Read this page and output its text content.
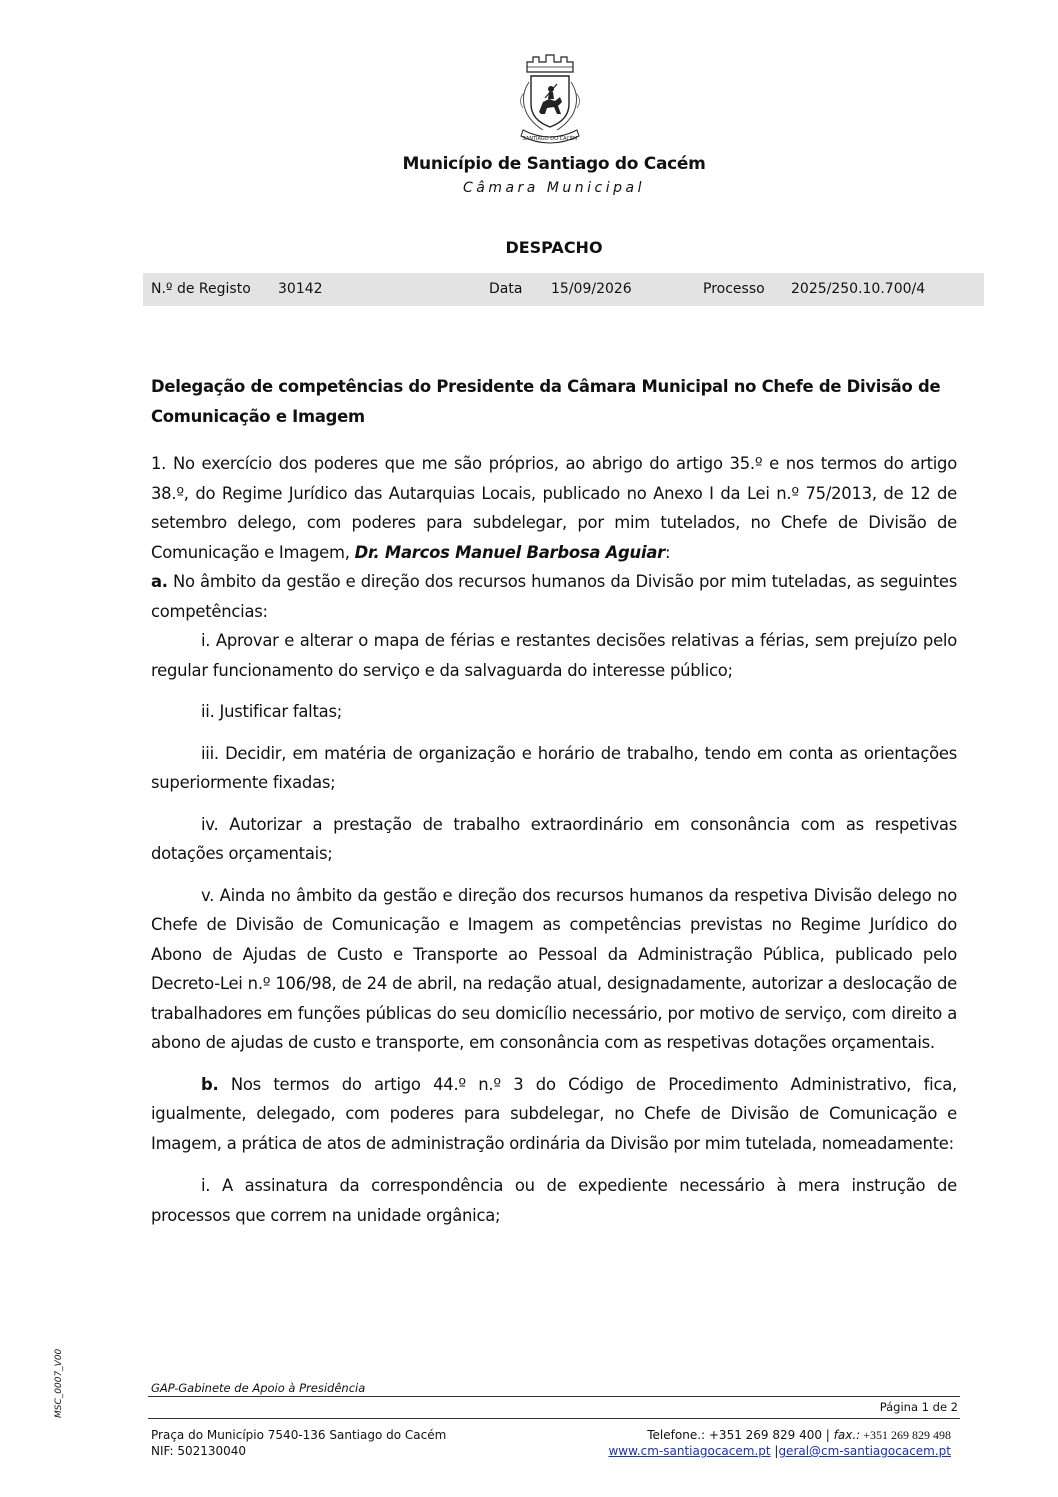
SANTIAGO DO CACÉM
Município de Santiago do Cacém
Câmara Municipal
DESPACHO
N.º de Registo 30142	Data 15/09/2026	Processo 2025/250.10.700/4

Delegação de competências do Presidente da Câmara Municipal no Chefe de Divisão de Comunicação e Imagem

1. No exercício dos poderes que me são próprios, ao abrigo do artigo 35.º e nos termos do artigo 38.º, do Regime Jurídico das Autarquias Locais, publicado no Anexo I da Lei n.º 75/2013, de 12 de setembro delego, com poderes para subdelegar, por mim tutelados, no Chefe de Divisão de Comunicação e Imagem, Dr. Marcos Manuel Barbosa Aguiar:

a. No âmbito da gestão e direção dos recursos humanos da Divisão por mim tuteladas, as seguintes competências:

i. Aprovar e alterar o mapa de férias e restantes decisões relativas a férias, sem prejuízo pelo regular funcionamento do serviço e da salvaguarda do interesse público;

ii. Justificar faltas;

iii. Decidir, em matéria de organização e horário de trabalho, tendo em conta as orientações superiormente fixadas;

iv. Autorizar a prestação de trabalho extraordinário em consonância com as respetivas dotações orçamentais;

v. Ainda no âmbito da gestão e direção dos recursos humanos da respetiva Divisão delego no Chefe de Divisão de Comunicação e Imagem as competências previstas no Regime Jurídico do Abono de Ajudas de Custo e Transporte ao Pessoal da Administração Pública, publicado pelo Decreto-Lei n.º 106/98, de 24 de abril, na redação atual, designadamente, autorizar a deslocação de trabalhadores em funções públicas do seu domicílio necessário, por motivo de serviço, com direito a abono de ajudas de custo e transporte, em consonância com as respetivas dotações orçamentais.

b. Nos termos do artigo 44.º n.º 3 do Código de Procedimento Administrativo, fica, igualmente, delegado, com poderes para subdelegar, no Chefe de Divisão de Comunicação e Imagem, a prática de atos de administração ordinária da Divisão por mim tutelada, nomeadamente:

i. A assinatura da correspondência ou de expediente necessário à mera instrução de processos que correm na unidade orgânica;

MSC_0007_V00	GAP-Gabinete de Apoio à Presidência
Página 1 de 2
Praça do Município 7540-136 Santiago do Cacém
NIF: 502130040
Telefone.: +351 269 829 400 | fax.: +351 269 829 498
www.cm-santiagocacem.pt |geral@cm-santiagocacem.pt
